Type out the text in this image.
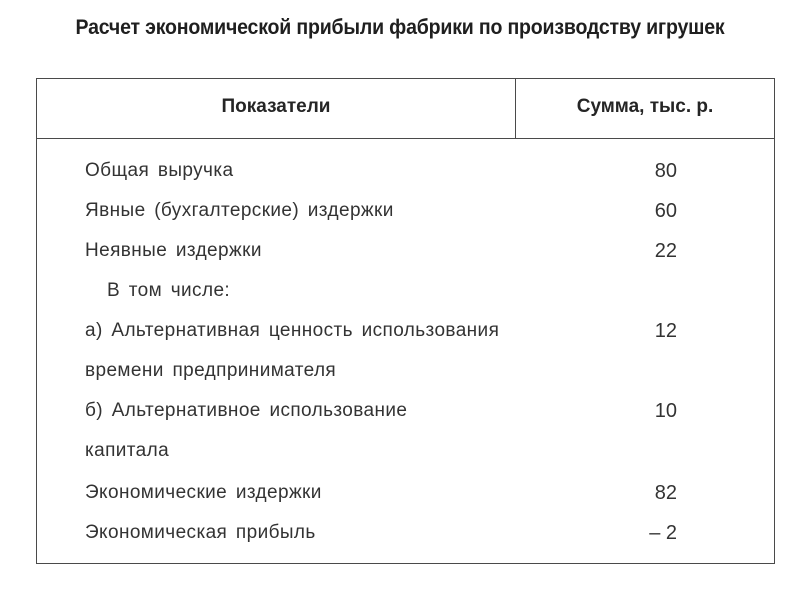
Расчет экономической прибыли фабрики по производству игрушек
Показатели	Сумма, тыс. р.
Общая выручка	80
Явные (бухгалтерские) издержки	60
Неявные издержки	22
В том числе:
а) Альтернативная ценность использования	12
времени предпринимателя
б) Альтернативное использование	10
капитала
Экономические издержки	82
Экономическая прибыль	– 2
